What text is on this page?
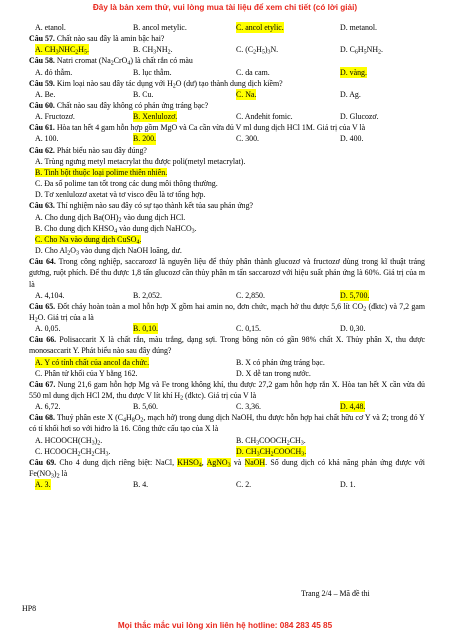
Đây là bản xem thử, vui lòng mua tài liệu để xem chi tiết (có lời giải)
A. etanol.	B. ancol metylic.	C. ancol etylic.	D. metanol.
Câu 57. Chất nào sau đây là amin bậc hai?
A. $CH_3NHC_2H_5$.	B. $CH_3NH_2$.	C. $(C_2H_5)_3N$.	D. $C_6H_5NH_2$.
Câu 58. Natri cromat $(Na_2CrO_4)$ là chất rắn có màu
A. đỏ thẫm.	B. lục thẫm.	C. da cam.	D. vàng.
Câu 59. Kim loại nào sau đây tác dụng với $H_2O$ (dư) tạo thành dung dịch kiềm?
A. Be.	B. Cu.	C. Na.	D. Ag.
Câu 60. Chất nào sau đây không có phản ứng tráng bạc?
A. Fructozơ.	B. Xenlulozơ.	C. Anđehit fomic.	D. Glucozơ.
Câu 61. Hòa tan hết 4 gam hỗn hợp gồm MgO và Ca cần vừa đủ V ml dung dịch HCl 1M. Giá trị của V là
A. 100.	B. 200.	C. 300.	D. 400.
Câu 62. Phát biểu nào sau đây đúng?
A. Trùng ngưng metyl metacrylat thu được poli(metyl metacrylat).
B. Tinh bột thuộc loại polime thiên nhiên.
C. Đa số polime tan tốt trong các dung môi thông thường.
D. Tơ xenlulozơ axetat và tơ visco đều là tơ tổng hợp.
Câu 63. Thí nghiệm nào sau đây có sự tạo thành kết tủa sau phản ứng?
A. Cho dung dịch $Ba(OH)_2$ vào dung dịch HCl.
B. Cho dung dịch $KHSO_4$ vào dung dịch NaHCO$_3$.
C. Cho Na vào dung dịch CuSO$_4$.
D. Cho $Al_2O_3$ vào dung dịch NaOH loãng, dư.
Câu 64. Trong công nghiệp, saccarozơ là nguyên liệu để thủy phân thành glucozơ và fructozơ dùng trong kĩ thuật tráng gương, ruột phích. Để thu được 1,8 tấn glucozơ cần thủy phân m tấn saccarozơ với hiệu suất phản ứng là 60%. Giá trị của m là
A. 4,104.	B. 2,052.	C. 2,850.	D. 5,700.
Câu 65. Đốt cháy hoàn toàn a mol hỗn hợp X gồm hai amin no, đơn chức, mạch hở thu được 5,6 lít $CO_2$ (đktc) và 7,2 gam $H_2O$. Giá trị của a là
A. 0,05.	B. 0,10.	C. 0,15.	D. 0,30.
Câu 66. Polisaccarit X là chất rắn, màu trắng, dạng sợi. Trong bông nõn có gần 98% chất X. Thủy phân X, thu được monosaccarit Y. Phát biểu nào sau đây đúng?
A. Y có tính chất của ancol đa chức.	B. X có phản ứng tráng bạc.
C. Phân tử khối của Y bằng 162.	D. X dễ tan trong nước.
Câu 67. Nung 21,6 gam hỗn hợp Mg và Fe trong không khí, thu được 27,2 gam hỗn hợp rắn X. Hòa tan hết X cần vừa đủ 550 ml dung dịch HCl 2M, thu được V lít khí $H_2$ (đktc). Giá trị của V là
A. 6,72.	B. 5,60.	C. 3,36.	D. 4,48.
Câu 68. Thuỷ phân este X ($C_4H_8O_2$, mạch hở) trong dung dịch NaOH, thu được hỗn hợp hai chất hữu cơ Y và Z; trong đó Y có tỉ khối hơi so với hiđro là 16. Công thức cấu tạo của X là
A. $HCOOCH(CH_3)_2$.	B. $CH_3COOCH_2CH_3$.
C. $HCOOCH_2CH_2CH_3$.	D. $CH_3CH_2COOCH_3$.
Câu 69. Cho 4 dung dịch riêng biệt: NaCl, $KHSO_4$, AgNO$_3$ và NaOH. Số dung dịch có khả năng phản ứng được với $Fe(NO_3)_2$ là
A. 3.	B. 4.	C. 2.	D. 1.
Trang 2/4 – Mã đề thi
HP8
Mọi thắc mắc vui lòng xin liên hệ hotline: 084 283 45 85
